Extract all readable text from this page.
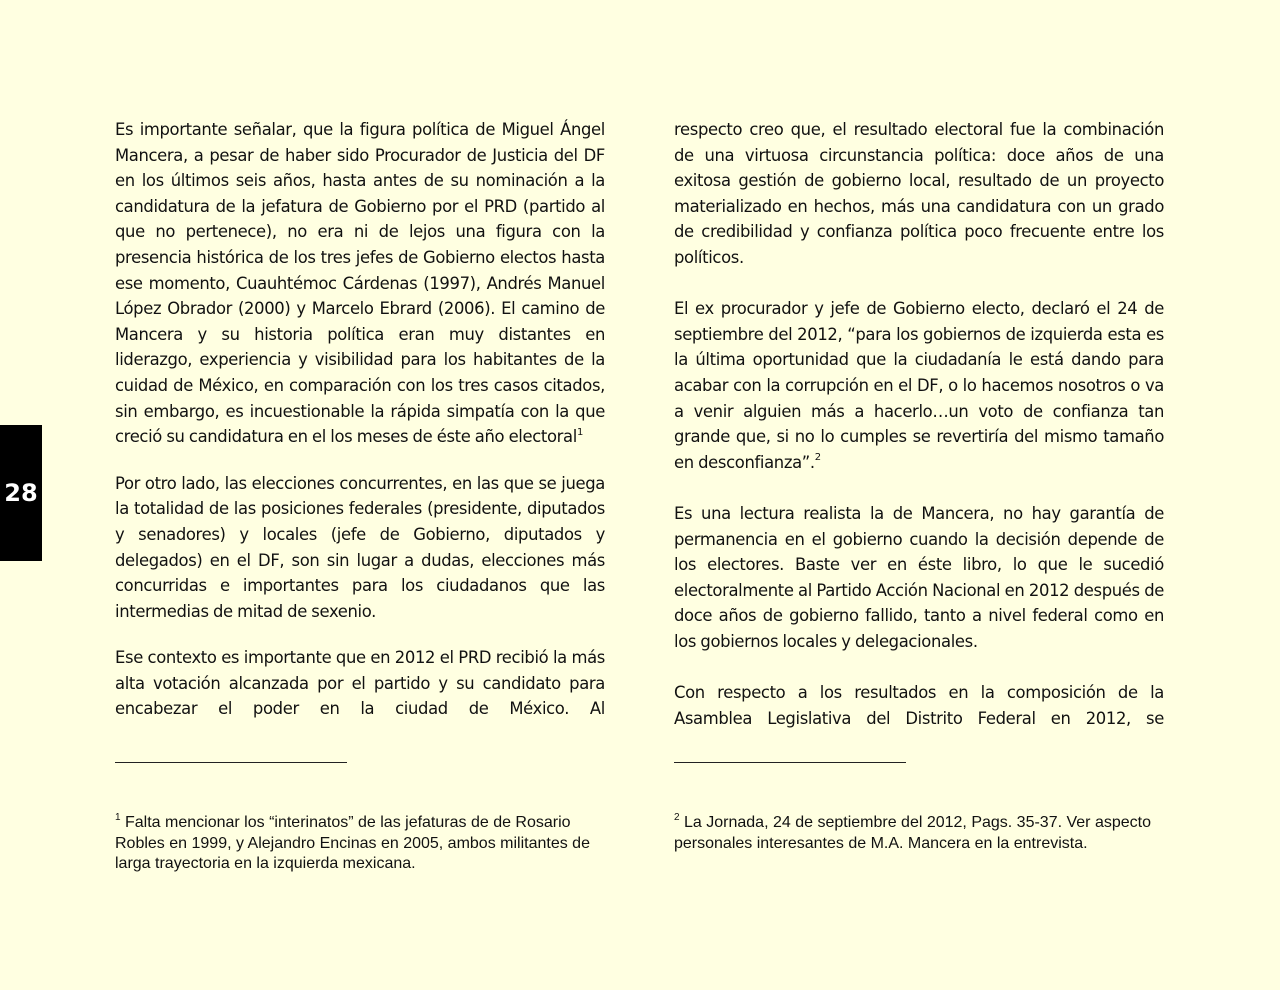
28

Es importante señalar, que la figura política de Miguel Ángel Mancera, a pesar de haber sido Procurador de Justicia del DF en los últimos seis años, hasta antes de su nominación a la candidatura de la jefatura de Gobierno por el PRD (partido al que no pertenece), no era ni de lejos una figura con la presencia histórica de los tres jefes de Gobierno electos hasta ese momento, Cuauhtémoc Cárdenas (1997), Andrés Manuel López Obrador (2000) y Marcelo Ebrard (2006). El camino de Mancera y su historia política eran muy distantes en liderazgo, experiencia y visibilidad para los habitantes de la cuidad de México, en comparación con los tres casos citados, sin embargo, es incuestionable la rápida simpatía con la que creció su candidatura en el los meses de éste año electoral$^1$

Por otro lado, las elecciones concurrentes, en las que se juega la totalidad de las posiciones federales (presidente, diputados y senadores) y locales (jefe de Gobierno, diputados y delegados) en el DF, son sin lugar a dudas, elecciones más concurridas e importantes para los ciudadanos que las intermedias de mitad de sexenio.

Ese contexto es importante que en 2012 el PRD recibió la más alta votación alcanzada por el partido y su candidato para encabezar el poder en la ciudad de México. Al

respecto creo que, el resultado electoral fue la combinación de una virtuosa circunstancia política: doce años de una exitosa gestión de gobierno local, resultado de un proyecto materializado en hechos, más una candidatura con un grado de credibilidad y confianza política poco frecuente entre los políticos.

El ex procurador y jefe de Gobierno electo, declaró el 24 de septiembre del 2012, “para los gobiernos de izquierda esta es la última oportunidad que la ciudadanía le está dando para acabar con la corrupción en el DF, o lo hacemos nosotros o va a venir alguien más a hacerlo…un voto de confianza tan grande que, si no lo cumples se revertiría del mismo tamaño en desconfianza”.$^2$

Es una lectura realista la de Mancera, no hay garantía de permanencia en el gobierno cuando la decisión depende de los electores. Baste ver en éste libro, lo que le sucedió electoralmente al Partido Acción Nacional en 2012 después de doce años de gobierno fallido, tanto a nivel federal como en los gobiernos locales y delegacionales.

Con respecto a los resultados en la composición de la Asamblea Legislativa del Distrito Federal en 2012, se

$^1$ Falta mencionar los “interinatos” de las jefaturas de de Rosario Robles en 1999, y Alejandro Encinas en 2005, ambos militantes de larga trayectoria en la izquierda mexicana.
$^2$ La Jornada, 24 de septiembre del 2012, Pags. 35-37. Ver aspecto personales interesantes de M.A. Mancera en la entrevista.
